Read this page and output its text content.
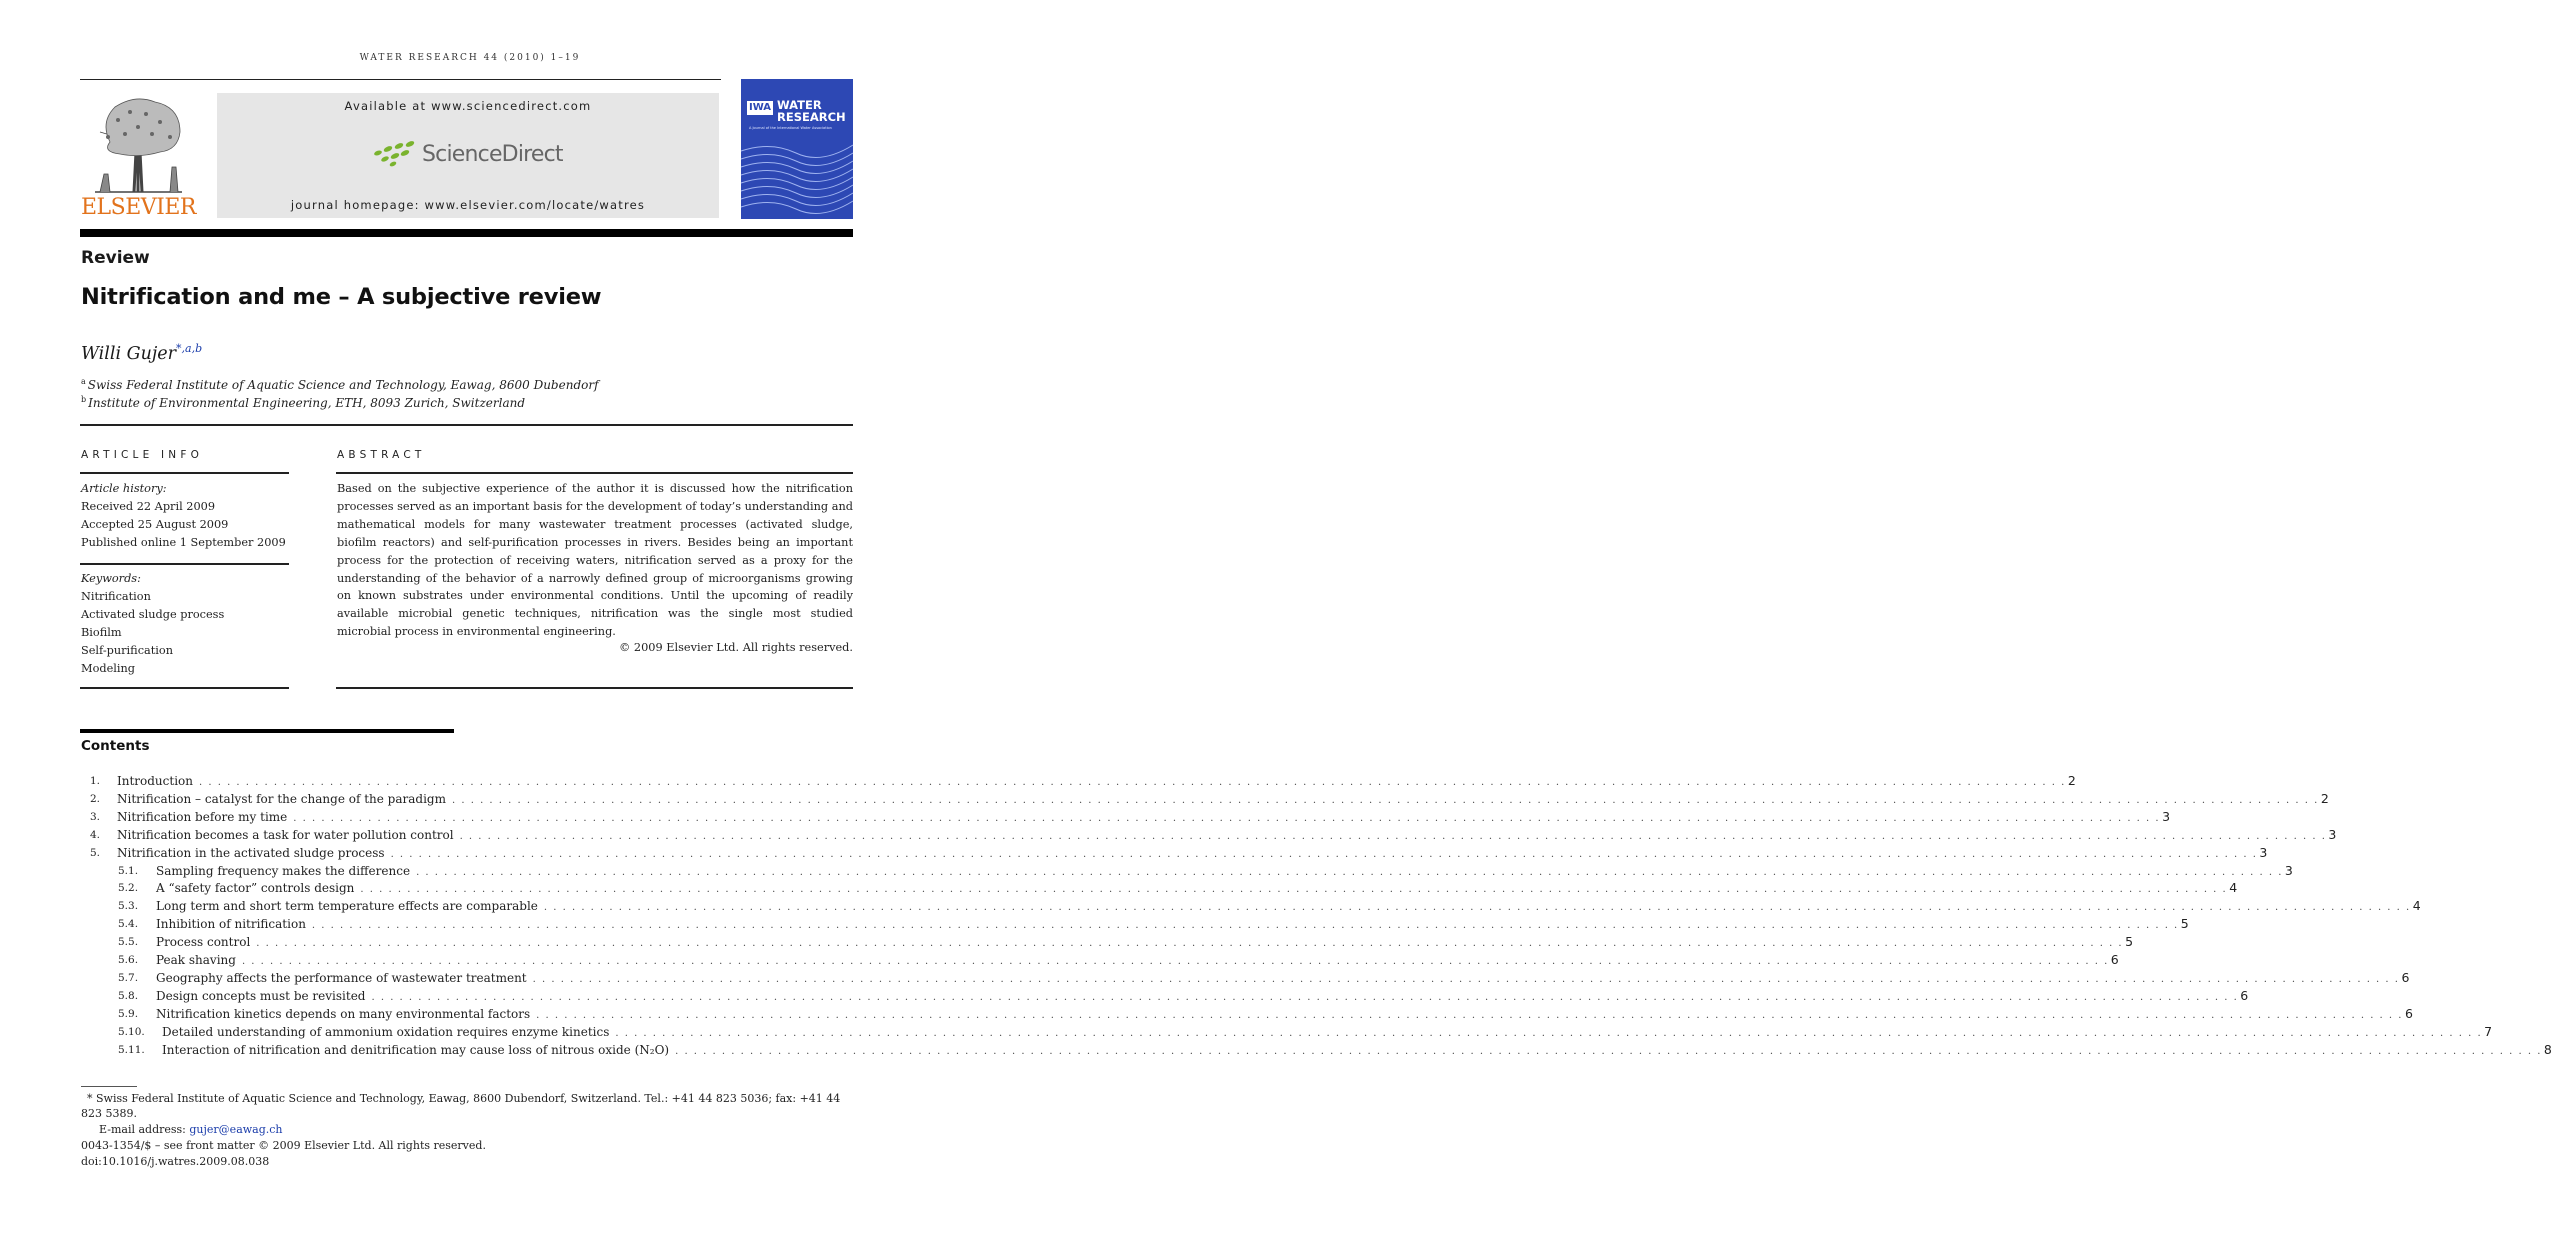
WATER RESEARCH 44 (2010) 1–19
ELSEVIER
Available at www.sciencedirect.com
ScienceDirect
journal homepage: www.elsevier.com/locate/watres
IWA WATER
RESEARCH
A Journal of the International Water Association
Review
Nitrification and me – A subjective review
Willi Gujer$^{*,a,b}$
$^a$ Swiss Federal Institute of Aquatic Science and Technology, Eawag, 8600 Dubendorf
$^b$ Institute of Environmental Engineering, ETH, 8093 Zurich, Switzerland
ARTICLE INFO
Article history:
Received 22 April 2009
Accepted 25 August 2009
Published online 1 September 2009
Keywords:
Nitrification
Activated sludge process
Biofilm
Self-purification
Modeling
ABSTRACT
Based on the subjective experience of the author it is discussed how the nitrification processes served as an important basis for the development of today’s understanding and mathematical models for many wastewater treatment processes (activated sludge, biofilm reactors) and self-purification processes in rivers. Besides being an important process for the protection of receiving waters, nitrification served as a proxy for the understanding of the behavior of a narrowly defined group of microorganisms growing on known substrates under environmental conditions. Until the upcoming of readily available microbial genetic techniques, nitrification was the single most studied microbial process in environmental engineering.
© 2009 Elsevier Ltd. All rights reserved.
Contents
1. Introduction . . . . . . . . . . . . . . . . . . . . . . . . . . . . . . . . . . . . . . . . . . . . . . . . . . . . . . . . . . . . . . . . . . . . . . . . . . . . . . . . . . . . . . . . . . . . . . . . . . . . . . . . . . . . . . . . . . . . . . . . . . . . . . . . . . . . . . . . . . . . . . . . . . . . . . . . . . . . . . . . . . . . . . . . . . . . . . . . . . . . . . . . . . . . . . . . . . . . . . . . 2
2. Nitrification – catalyst for the change of the paradigm . . . . . . . . . . . . . . . . . . . . . . . . . . . . . . . . . . . . . . . . . . . . . . . . . . . . . . . . . . . . . . . . . . . . . . . . . . . . . . . . . . . . . . . . . . . . . . . . . . . . . . . . . . . . . . . . . . . . . . . . . . . . . . . . . . . . . . . . . . . . . . . . . . . . . . . . . . . . . . . . . . . . . . . . . . . . . . . . . . . . . . . . . . . . . . . . . . . . . . . . 2
3. Nitrification before my time . . . . . . . . . . . . . . . . . . . . . . . . . . . . . . . . . . . . . . . . . . . . . . . . . . . . . . . . . . . . . . . . . . . . . . . . . . . . . . . . . . . . . . . . . . . . . . . . . . . . . . . . . . . . . . . . . . . . . . . . . . . . . . . . . . . . . . . . . . . . . . . . . . . . . . . . . . . . . . . . . . . . . . . . . . . . . . . . . . . . . . . . . . . . . . . . . . . . . . . . 3
4. Nitrification becomes a task for water pollution control . . . . . . . . . . . . . . . . . . . . . . . . . . . . . . . . . . . . . . . . . . . . . . . . . . . . . . . . . . . . . . . . . . . . . . . . . . . . . . . . . . . . . . . . . . . . . . . . . . . . . . . . . . . . . . . . . . . . . . . . . . . . . . . . . . . . . . . . . . . . . . . . . . . . . . . . . . . . . . . . . . . . . . . . . . . . . . . . . . . . . . . . . . . . . . . . . . . . . . . . 3
5. Nitrification in the activated sludge process . . . . . . . . . . . . . . . . . . . . . . . . . . . . . . . . . . . . . . . . . . . . . . . . . . . . . . . . . . . . . . . . . . . . . . . . . . . . . . . . . . . . . . . . . . . . . . . . . . . . . . . . . . . . . . . . . . . . . . . . . . . . . . . . . . . . . . . . . . . . . . . . . . . . . . . . . . . . . . . . . . . . . . . . . . . . . . . . . . . . . . . . . . . . . . . . . . . . . . . . 3
5.1. Sampling frequency makes the difference . . . . . . . . . . . . . . . . . . . . . . . . . . . . . . . . . . . . . . . . . . . . . . . . . . . . . . . . . . . . . . . . . . . . . . . . . . . . . . . . . . . . . . . . . . . . . . . . . . . . . . . . . . . . . . . . . . . . . . . . . . . . . . . . . . . . . . . . . . . . . . . . . . . . . . . . . . . . . . . . . . . . . . . . . . . . . . . . . . . . . . . . . . . . . . . . . . . . . . . . 3
5.2. A “safety factor” controls design . . . . . . . . . . . . . . . . . . . . . . . . . . . . . . . . . . . . . . . . . . . . . . . . . . . . . . . . . . . . . . . . . . . . . . . . . . . . . . . . . . . . . . . . . . . . . . . . . . . . . . . . . . . . . . . . . . . . . . . . . . . . . . . . . . . . . . . . . . . . . . . . . . . . . . . . . . . . . . . . . . . . . . . . . . . . . . . . . . . . . . . . . . . . . . . . . . . . . . . . 4
5.3. Long term and short term temperature effects are comparable . . . . . . . . . . . . . . . . . . . . . . . . . . . . . . . . . . . . . . . . . . . . . . . . . . . . . . . . . . . . . . . . . . . . . . . . . . . . . . . . . . . . . . . . . . . . . . . . . . . . . . . . . . . . . . . . . . . . . . . . . . . . . . . . . . . . . . . . . . . . . . . . . . . . . . . . . . . . . . . . . . . . . . . . . . . . . . . . . . . . . . . . . . . . . . . . . . . . . . . . 4
5.4. Inhibition of nitrification . . . . . . . . . . . . . . . . . . . . . . . . . . . . . . . . . . . . . . . . . . . . . . . . . . . . . . . . . . . . . . . . . . . . . . . . . . . . . . . . . . . . . . . . . . . . . . . . . . . . . . . . . . . . . . . . . . . . . . . . . . . . . . . . . . . . . . . . . . . . . . . . . . . . . . . . . . . . . . . . . . . . . . . . . . . . . . . . . . . . . . . . . . . . . . . . . . . . . . . . 5
5.5. Process control . . . . . . . . . . . . . . . . . . . . . . . . . . . . . . . . . . . . . . . . . . . . . . . . . . . . . . . . . . . . . . . . . . . . . . . . . . . . . . . . . . . . . . . . . . . . . . . . . . . . . . . . . . . . . . . . . . . . . . . . . . . . . . . . . . . . . . . . . . . . . . . . . . . . . . . . . . . . . . . . . . . . . . . . . . . . . . . . . . . . . . . . . . . . . . . . . . . . . . . . 5
5.6. Peak shaving . . . . . . . . . . . . . . . . . . . . . . . . . . . . . . . . . . . . . . . . . . . . . . . . . . . . . . . . . . . . . . . . . . . . . . . . . . . . . . . . . . . . . . . . . . . . . . . . . . . . . . . . . . . . . . . . . . . . . . . . . . . . . . . . . . . . . . . . . . . . . . . . . . . . . . . . . . . . . . . . . . . . . . . . . . . . . . . . . . . . . . . . . . . . . . . . . . . . . . . . 6
5.7. Geography affects the performance of wastewater treatment . . . . . . . . . . . . . . . . . . . . . . . . . . . . . . . . . . . . . . . . . . . . . . . . . . . . . . . . . . . . . . . . . . . . . . . . . . . . . . . . . . . . . . . . . . . . . . . . . . . . . . . . . . . . . . . . . . . . . . . . . . . . . . . . . . . . . . . . . . . . . . . . . . . . . . . . . . . . . . . . . . . . . . . . . . . . . . . . . . . . . . . . . . . . . . . . . . . . . . . . 6
5.8. Design concepts must be revisited . . . . . . . . . . . . . . . . . . . . . . . . . . . . . . . . . . . . . . . . . . . . . . . . . . . . . . . . . . . . . . . . . . . . . . . . . . . . . . . . . . . . . . . . . . . . . . . . . . . . . . . . . . . . . . . . . . . . . . . . . . . . . . . . . . . . . . . . . . . . . . . . . . . . . . . . . . . . . . . . . . . . . . . . . . . . . . . . . . . . . . . . . . . . . . . . . . . . . . . . 6
5.9. Nitrification kinetics depends on many environmental factors . . . . . . . . . . . . . . . . . . . . . . . . . . . . . . . . . . . . . . . . . . . . . . . . . . . . . . . . . . . . . . . . . . . . . . . . . . . . . . . . . . . . . . . . . . . . . . . . . . . . . . . . . . . . . . . . . . . . . . . . . . . . . . . . . . . . . . . . . . . . . . . . . . . . . . . . . . . . . . . . . . . . . . . . . . . . . . . . . . . . . . . . . . . . . . . . . . . . . . . . 6
5.10. Detailed understanding of ammonium oxidation requires enzyme kinetics . . . . . . . . . . . . . . . . . . . . . . . . . . . . . . . . . . . . . . . . . . . . . . . . . . . . . . . . . . . . . . . . . . . . . . . . . . . . . . . . . . . . . . . . . . . . . . . . . . . . . . . . . . . . . . . . . . . . . . . . . . . . . . . . . . . . . . . . . . . . . . . . . . . . . . . . . . . . . . . . . . . . . . . . . . . . . . . . . . . . . . . . . . . . . . . . . . . . . . . . 7
5.11. Interaction of nitrification and denitrification may cause loss of nitrous oxide (N₂O) . . . . . . . . . . . . . . . . . . . . . . . . . . . . . . . . . . . . . . . . . . . . . . . . . . . . . . . . . . . . . . . . . . . . . . . . . . . . . . . . . . . . . . . . . . . . . . . . . . . . . . . . . . . . . . . . . . . . . . . . . . . . . . . . . . . . . . . . . . . . . . . . . . . . . . . . . . . . . . . . . . . . . . . . . . . . . . . . . . . . . . . . . . . . . . . . . . . . . . . . 8
* Swiss Federal Institute of Aquatic Science and Technology, Eawag, 8600 Dubendorf, Switzerland. Tel.: +41 44 823 5036; fax: +41 44 823 5389.
E-mail address: gujer@eawag.ch
0043-1354/$ – see front matter © 2009 Elsevier Ltd. All rights reserved.
doi:10.1016/j.watres.2009.08.038
